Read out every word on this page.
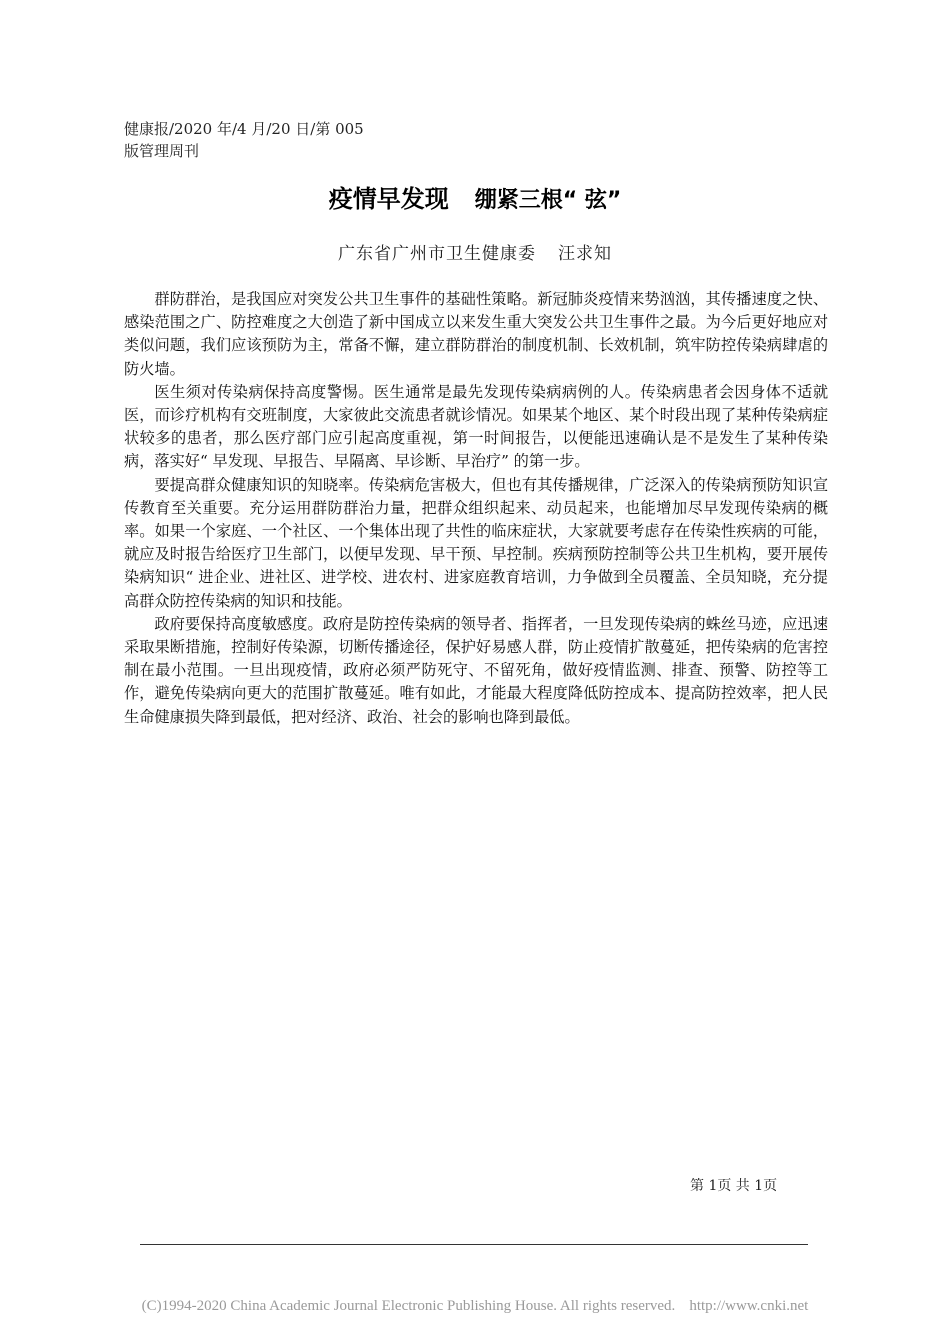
健康报/2020 年/4 月/20 日/第 005
版管理周刊
疫情早发现 绷紧三根“ 弦”
广东省广州市卫生健康委 汪求知

群防群治，是我国应对突发公共卫生事件的基础性策略。新冠肺炎疫情来势汹汹，其传播速度之快、感染范围之广、防控难度之大创造了新中国成立以来发生重大突发公共卫生事件之最。为今后更好地应对类似问题，我们应该预防为主，常备不懈，建立群防群治的制度机制、长效机制，筑牢防控传染病肆虐的防火墙。

医生须对传染病保持高度警惕。医生通常是最先发现传染病病例的人。传染病患者会因身体不适就医，而诊疗机构有交班制度，大家彼此交流患者就诊情况。如果某个地区、某个时段出现了某种传染病症状较多的患者，那么医疗部门应引起高度重视，第一时间报告，以便能迅速确认是不是发生了某种传染病，落实好“ 早发现、早报告、早隔离、早诊断、早治疗” 的第一步。

要提高群众健康知识的知晓率。传染病危害极大，但也有其传播规律，广泛深入的传染病预防知识宣传教育至关重要。充分运用群防群治力量，把群众组织起来、动员起来，也能增加尽早发现传染病的概率。如果一个家庭、一个社区、一个集体出现了共性的临床症状，大家就要考虑存在传染性疾病的可能，就应及时报告给医疗卫生部门，以便早发现、早干预、早控制。疾病预防控制等公共卫生机构，要开展传染病知识“ 进企业、进社区、进学校、进农村、进家庭教育培训，力争做到全员覆盖、全员知晓，充分提高群众防控传染病的知识和技能。

政府要保持高度敏感度。政府是防控传染病的领导者、指挥者，一旦发现传染病的蛛丝马迹，应迅速采取果断措施，控制好传染源，切断传播途径，保护好易感人群，防止疫情扩散蔓延，把传染病的危害控制在最小范围。一旦出现疫情，政府必须严防死守、不留死角，做好疫情监测、排查、预警、防控等工作，避免传染病向更大的范围扩散蔓延。唯有如此，才能最大程度降低防控成本、提高防控效率，把人民生命健康损失降到最低，把对经济、政治、社会的影响也降到最低。

第 1页 共 1页
(C)1994-2020 China Academic Journal Electronic Publishing House. All rights reserved. http://www.cnki.net
